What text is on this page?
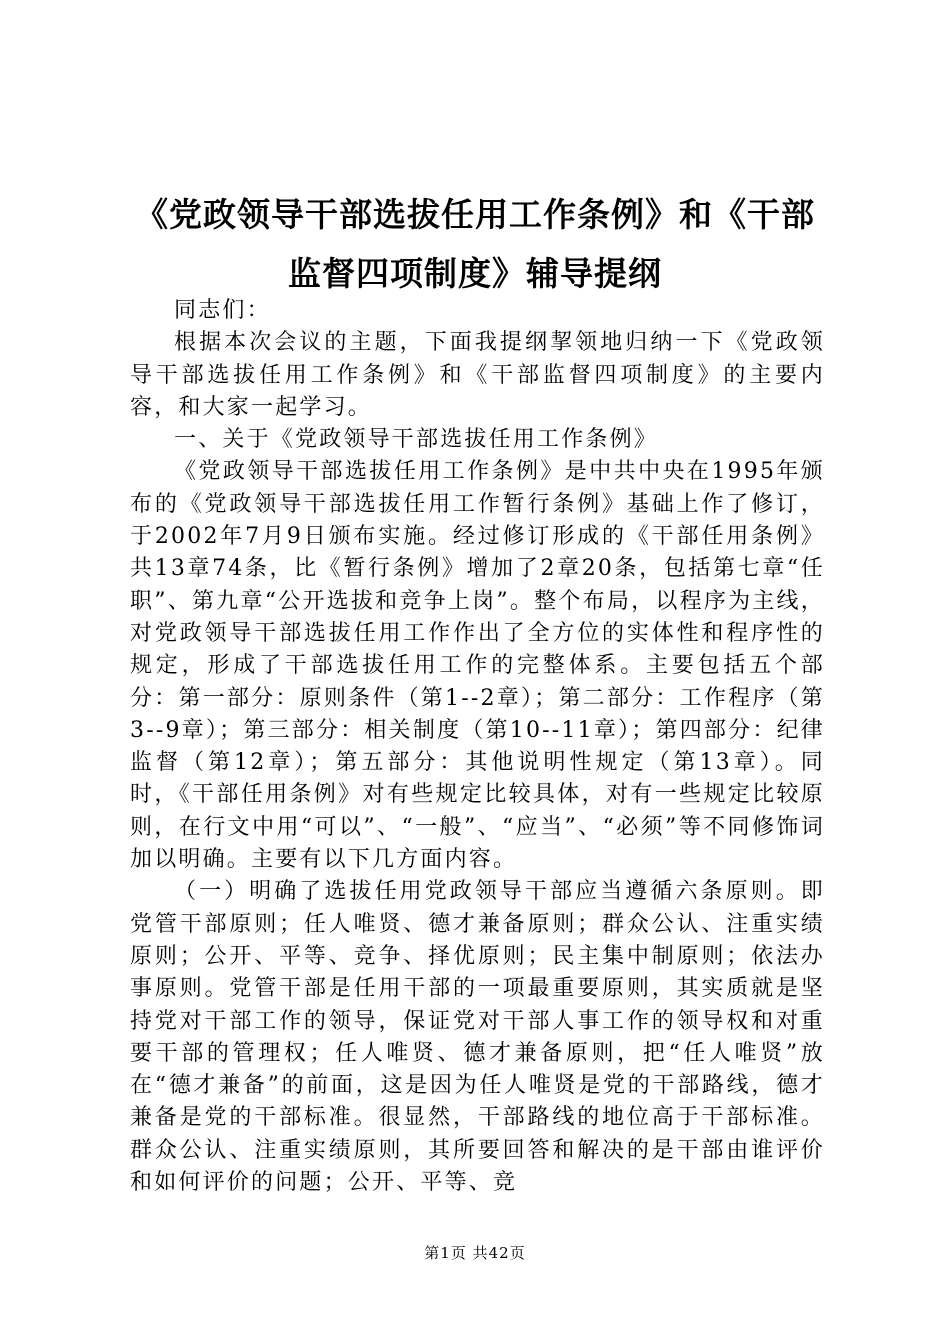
《党政领导干部选拔任用工作条例》和《干部
监督四项制度》辅导提纲

同志们：

根据本次会议的主题，下面我提纲挈领地归纳一下《党政领导干部选拔任用工作条例》和《干部监督四项制度》的主要内容，和大家一起学习。

一、关于《党政领导干部选拔任用工作条例》

《党政领导干部选拔任用工作条例》是中共中央在1995年颁布的《党政领导干部选拔任用工作暂行条例》基础上作了修订，于2002年7月9日颁布实施。经过修订形成的《干部任用条例》共13章74条，比《暂行条例》增加了2章20条，包括第七章“任职”、第九章“公开选拔和竞争上岗”。整个布局，以程序为主线，对党政领导干部选拔任用工作作出了全方位的实体性和程序性的规定，形成了干部选拔任用工作的完整体系。主要包括五个部分：第一部分：原则条件（第1--2章）；第二部分：工作程序（第3--9章）；第三部分：相关制度（第10--11章）；第四部分：纪律监督（第12章）；第五部分：其他说明性规定（第13章）。同时，《干部任用条例》对有些规定比较具体，对有一些规定比较原则，在行文中用“可以”、“一般”、“应当”、“必须”等不同修饰词加以明确。主要有以下几方面内容。

（一）明确了选拔任用党政领导干部应当遵循六条原则。即党管干部原则；任人唯贤、德才兼备原则；群众公认、注重实绩原则；公开、平等、竞争、择优原则；民主集中制原则；依法办事原则。党管干部是任用干部的一项最重要原则，其实质就是坚持党对干部工作的领导，保证党对干部人事工作的领导权和对重要干部的管理权；任人唯贤、德才兼备原则，把“任人唯贤”放在“德才兼备”的前面，这是因为任人唯贤是党的干部路线，德才兼备是党的干部标准。很显然，干部路线的地位高于干部标准。群众公认、注重实绩原则，其所要回答和解决的是干部由谁评价和如何评价的问题；公开、平等、竞

第1页 共42页
